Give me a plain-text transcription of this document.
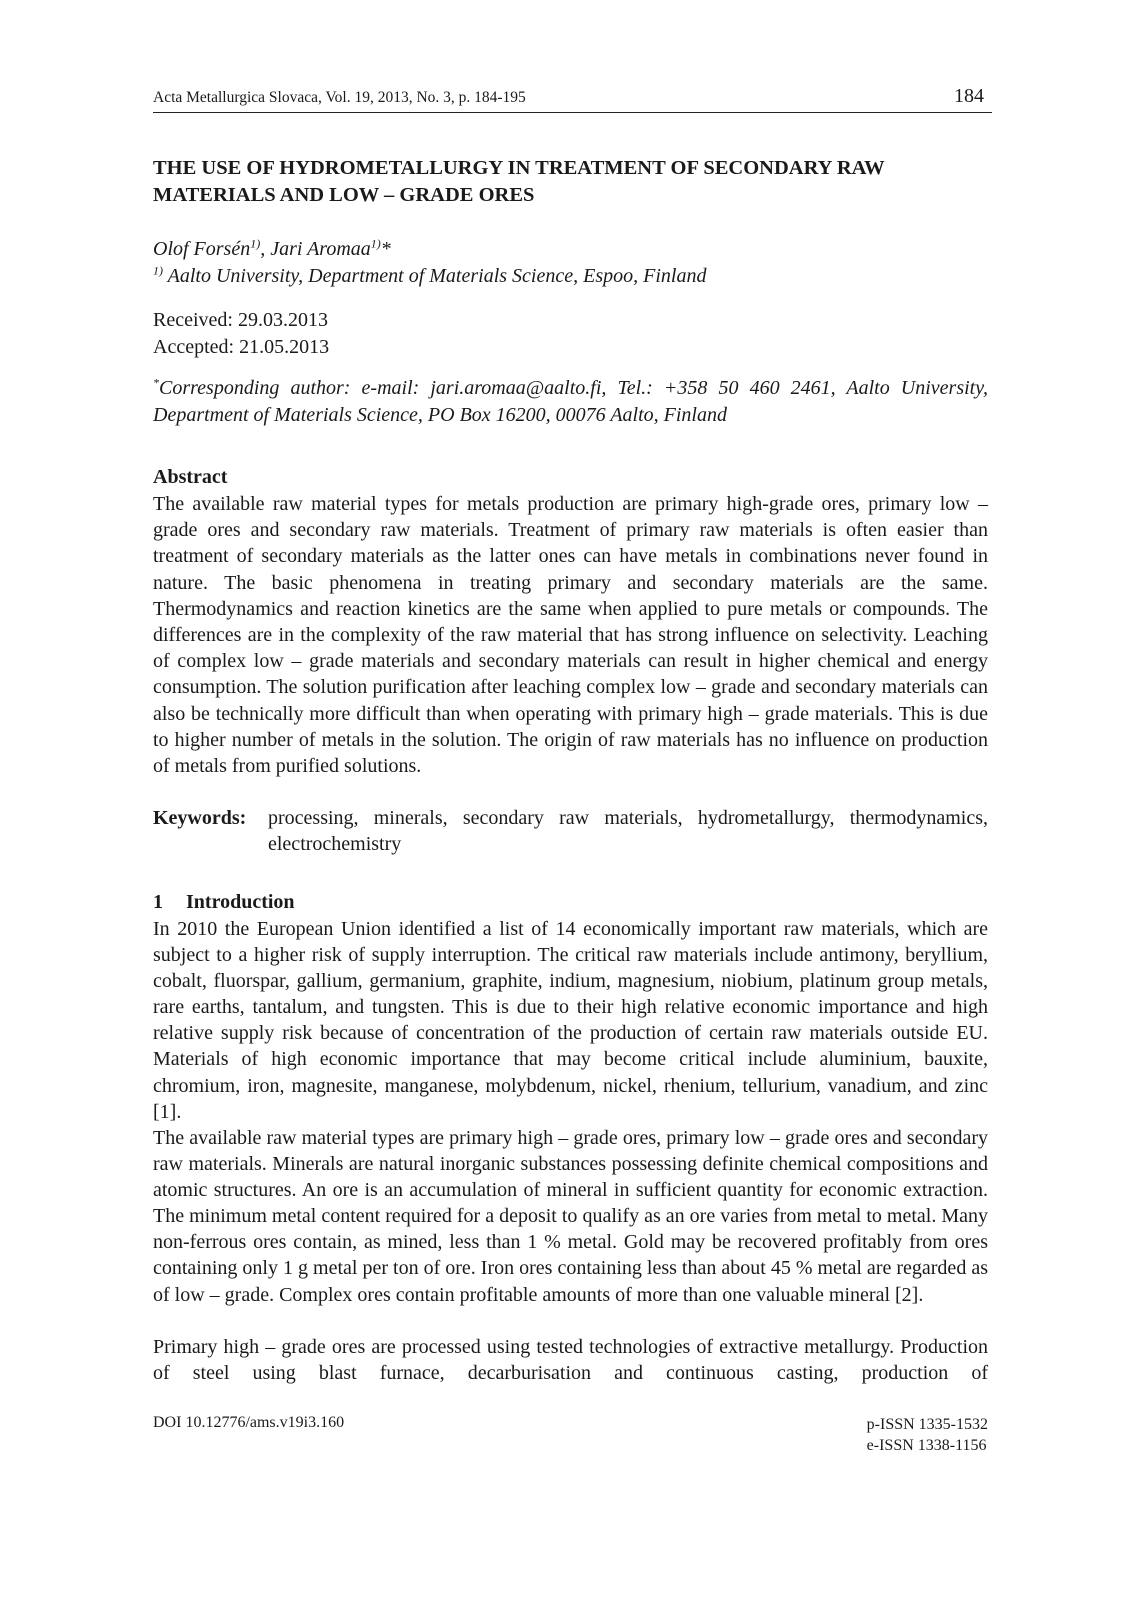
Acta Metallurgica Slovaca, Vol. 19, 2013, No. 3, p. 184-195	184
THE USE OF HYDROMETALLURGY IN TREATMENT OF SECONDARY RAW
MATERIALS AND LOW – GRADE ORES
Olof Forsén$^{1)}$, Jari Aromaa$^{1)}$*
$^{1)}$ Aalto University, Department of Materials Science, Espoo, Finland
Received: 29.03.2013
Accepted: 21.05.2013

*Corresponding author: e-mail: jari.aromaa@aalto.fi, Tel.: +358 50 460 2461, Aalto University, Department of Materials Science, PO Box 16200, 00076 Aalto, Finland

Abstract

The available raw material types for metals production are primary high-grade ores, primary low – grade ores and secondary raw materials. Treatment of primary raw materials is often easier than treatment of secondary materials as the latter ones can have metals in combinations never found in nature. The basic phenomena in treating primary and secondary materials are the same. Thermodynamics and reaction kinetics are the same when applied to pure metals or compounds. The differences are in the complexity of the raw material that has strong influence on selectivity. Leaching of complex low – grade materials and secondary materials can result in higher chemical and energy consumption. The solution purification after leaching complex low – grade and secondary materials can also be technically more difficult than when operating with primary high – grade materials. This is due to higher number of metals in the solution. The origin of raw materials has no influence on production of metals from purified solutions.

Keywords: processing, minerals, secondary raw materials, hydrometallurgy, thermodynamics, electrochemistry
1 Introduction

In 2010 the European Union identified a list of 14 economically important raw materials, which are subject to a higher risk of supply interruption. The critical raw materials include antimony, beryllium, cobalt, fluorspar, gallium, germanium, graphite, indium, magnesium, niobium, platinum group metals, rare earths, tantalum, and tungsten. This is due to their high relative economic importance and high relative supply risk because of concentration of the production of certain raw materials outside EU. Materials of high economic importance that may become critical include aluminium, bauxite, chromium, iron, magnesite, manganese, molybdenum, nickel, rhenium, tellurium, vanadium, and zinc [1].

The available raw material types are primary high – grade ores, primary low – grade ores and secondary raw materials. Minerals are natural inorganic substances possessing definite chemical compositions and atomic structures. An ore is an accumulation of mineral in sufficient quantity for economic extraction. The minimum metal content required for a deposit to qualify as an ore varies from metal to metal. Many non-ferrous ores contain, as mined, less than 1 % metal. Gold may be recovered profitably from ores containing only 1 g metal per ton of ore. Iron ores containing less than about 45 % metal are regarded as of low – grade. Complex ores contain profitable amounts of more than one valuable mineral [2].

Primary high – grade ores are processed using tested technologies of extractive metallurgy. Production of steel using blast furnace, decarburisation and continuous casting, production of

DOI 10.12776/ams.v19i3.160	p-ISSN 1335-1532
e-ISSN 1338-1156
